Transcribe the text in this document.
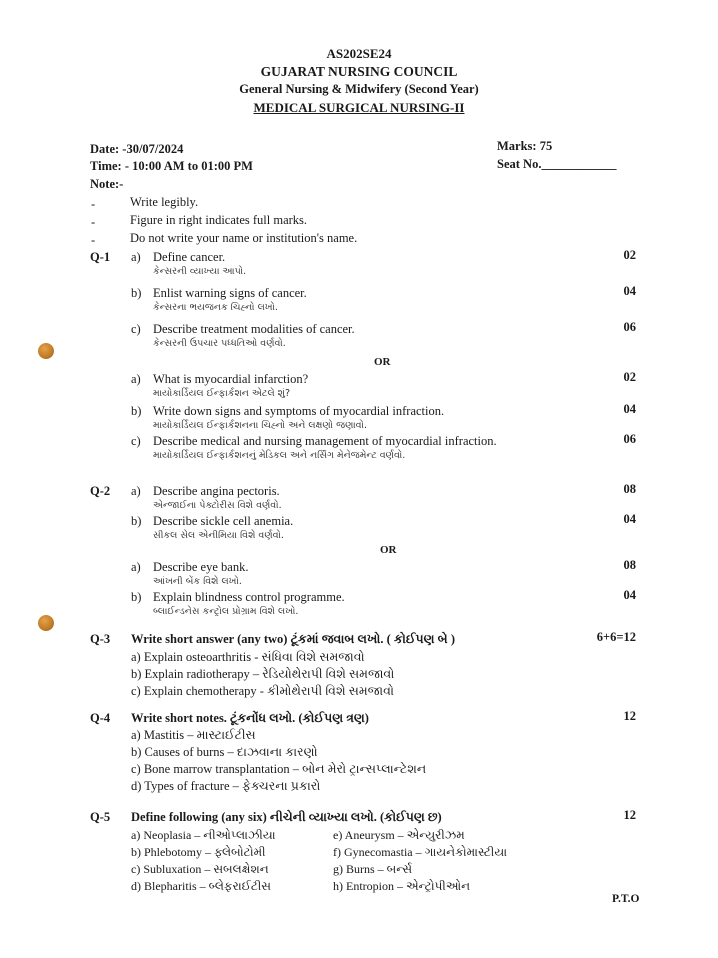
AS202SE24
GUJARAT NURSING COUNCIL
General Nursing & Midwifery (Second Year)
MEDICAL SURGICAL NURSING-II
Date: -30/07/2024
Time: - 10:00 AM to 01:00 PM
Note:-
Marks: 75
Seat No.____________
-	Write legibly.
-	Figure in right indicates full marks.
-	Do not write your name or institution's name.
Q-1 a) Define cancer.
કેન્સરની વ્યાખ્યા આપો.
02
b) Enlist warning signs of cancer.
કેન્સરના ભયજનક ચિહ્નો લખો.
04
c) Describe treatment modalities of cancer.
કેન્સરની ઉપચાર પધ્ધતિઓ વર્ણવો.
06
OR
a) What is myocardial infarction?
માયોકાર્ડિયલ ઈન્ફાર્કશન એટલે શું?
02
b) Write down signs and symptoms of myocardial infraction.
માયોકાર્ડિયલ ઈન્ફાર્કશનના ચિહ્નો અને લક્ષણો જણાવો.
04
c) Describe medical and nursing management of myocardial infraction.
માયોકાર્ડિયલ ઈન્ફાર્કશનનું મેડિકલ અને નર્સિંગ મેનેજમેન્ટ વર્ણવો.
06
Q-2 a) Describe angina pectoris.
એન્જાઈના પેક્ટોરીસ વિશે વર્ણવો.
08
b) Describe sickle cell anemia.
સીકલ સેલ એનીમિયા વિશે વર્ણવો.
04
OR
a) Describe eye bank.
આંખની બેંક વિશે લખો.
08
b) Explain blindness control programme.
બ્લાઈન્ડનેસ કન્ટ્રોલ પ્રોગ્રામ વિશે લખો.
04
Q-3 Write short answer (any two) ટૂંકમાં જવાબ લખો. ( કોઈપણ બે )	6+6=12
a) Explain osteoarthritis - સંધિવા વિશે સમજાવો
b) Explain radiotherapy – રેડિયોથેરાપી વિશે સમજાવો
c) Explain chemotherapy - કીમોથેરાપી વિશે સમજાવો
Q-4 Write short notes. ટૂંકનોંધ લખો. (કોઈપણ ત્રણ)	12
a) Mastitis – માસ્ટાઈટીસ
b) Causes of burns – દાઝવાના કારણો
c) Bone marrow transplantation – બોન મેરો ટ્રાન્સપ્લાન્ટેશન
d) Types of fracture – ફેક્ચરના પ્રકારો
Q-5 Define following (any six) નીચેની વ્યાખ્યા લખો. (કોઈપણ છ)	12
a) Neoplasia – નીઓપ્લાઝીયા
b) Phlebotomy – ફ્લેબોટોમી
c) Subluxation – સબલક્ષેશન
d) Blepharitis – બ્લેફરાઈટીસ
e) Aneurysm – એન્યુરીઝમ
f) Gynecomastia – ગાયનેકોમાસ્ટીયા
g) Burns – બર્ન્સ
h) Entropion – એન્ટ્રોપીઓન
P.T.O
